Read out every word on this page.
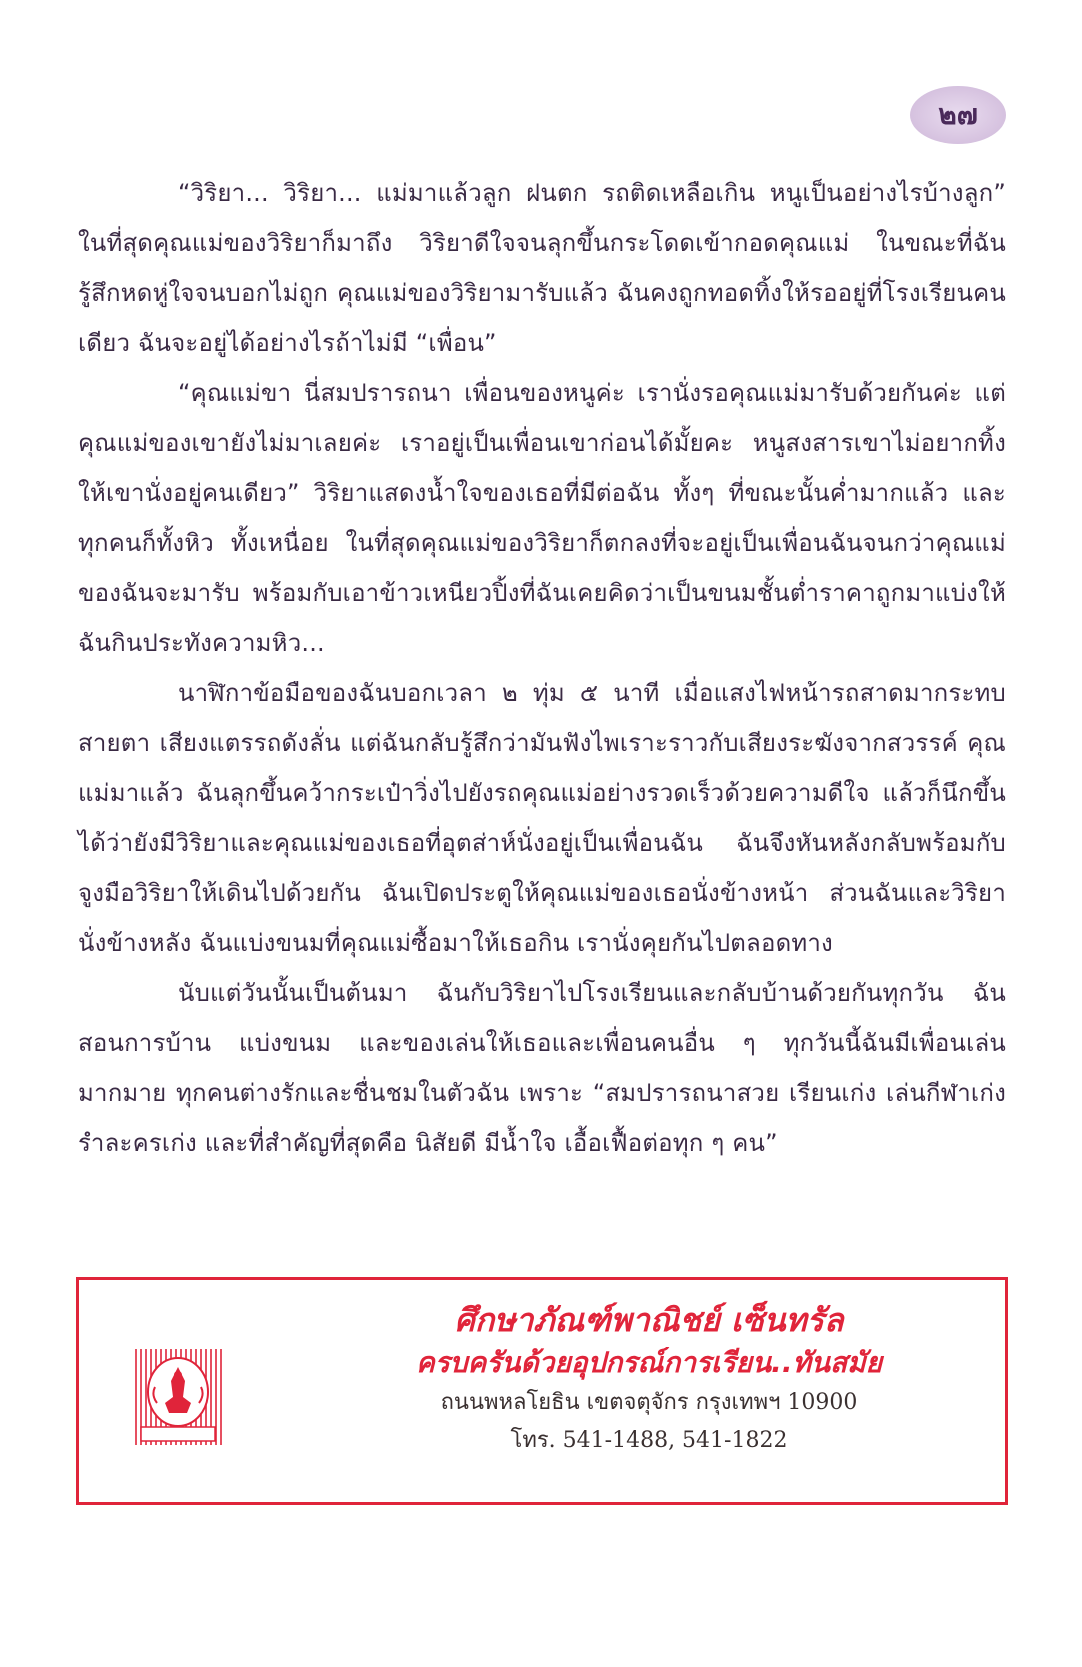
๒๗

“วิริยา... วิริยา... แม่มาแล้วลูก ฝนตก รถติดเหลือเกิน หนูเป็นอย่างไรบ้างลูก” ในที่สุดคุณแม่ของวิริยาก็มาถึง วิริยาดีใจจนลุกขึ้นกระโดดเข้ากอดคุณแม่ ในขณะที่ฉันรู้สึกหดหู่ใจจนบอกไม่ถูก คุณแม่ของวิริยามารับแล้ว ฉันคงถูกทอดทิ้งให้รออยู่ที่โรงเรียนคนเดียว ฉันจะอยู่ได้อย่างไรถ้าไม่มี “เพื่อน”

“คุณแม่ขา นี่สมปรารถนา เพื่อนของหนูค่ะ เรานั่งรอคุณแม่มารับด้วยกันค่ะ แต่คุณแม่ของเขายังไม่มาเลยค่ะ เราอยู่เป็นเพื่อนเขาก่อนได้มั้ยคะ หนูสงสารเขาไม่อยากทิ้งให้เขานั่งอยู่คนเดียว” วิริยาแสดงน้ำใจของเธอที่มีต่อฉัน ทั้งๆ ที่ขณะนั้นค่ำมากแล้ว และทุกคนก็ทั้งหิว ทั้งเหนื่อย ในที่สุดคุณแม่ของวิริยาก็ตกลงที่จะอยู่เป็นเพื่อนฉันจนกว่าคุณแม่ของฉันจะมารับ พร้อมกับเอาข้าวเหนียวปิ้งที่ฉันเคยคิดว่าเป็นขนมชั้นต่ำราคาถูกมาแบ่งให้ฉันกินประทังความหิว...

นาฬิกาข้อมือของฉันบอกเวลา ๒ ทุ่ม ๕ นาที เมื่อแสงไฟหน้ารถสาดมากระทบสายตา เสียงแตรรถดังลั่น แต่ฉันกลับรู้สึกว่ามันฟังไพเราะราวกับเสียงระฆังจากสวรรค์ คุณแม่มาแล้ว ฉันลุกขึ้นคว้ากระเป๋าวิ่งไปยังรถคุณแม่อย่างรวดเร็วด้วยความดีใจ แล้วก็นึกขึ้นได้ว่ายังมีวิริยาและคุณแม่ของเธอที่อุตส่าห์นั่งอยู่เป็นเพื่อนฉัน ฉันจึงหันหลังกลับพร้อมกับจูงมือวิริยาให้เดินไปด้วยกัน ฉันเปิดประตูให้คุณแม่ของเธอนั่งข้างหน้า ส่วนฉันและวิริยานั่งข้างหลัง ฉันแบ่งขนมที่คุณแม่ซื้อมาให้เธอกิน เรานั่งคุยกันไปตลอดทาง

นับแต่วันนั้นเป็นต้นมา ฉันกับวิริยาไปโรงเรียนและกลับบ้านด้วยกันทุกวัน ฉันสอนการบ้าน แบ่งขนม และของเล่นให้เธอและเพื่อนคนอื่น ๆ ทุกวันนี้ฉันมีเพื่อนเล่นมากมาย ทุกคนต่างรักและชื่นชมในตัวฉัน เพราะ “สมปรารถนาสวย เรียนเก่ง เล่นกีฬาเก่ง รำละครเก่ง และที่สำคัญที่สุดคือ นิสัยดี มีน้ำใจ เอื้อเฟื้อต่อทุก ๆ คน”

ศึกษาภัณฑ์พาณิชย์ เซ็นทรัล
ครบครันด้วยอุปกรณ์การเรียน..ทันสมัย
ถนนพหลโยธิน เขตจตุจักร กรุงเทพฯ 10900
โทร. 541-1488, 541-1822
